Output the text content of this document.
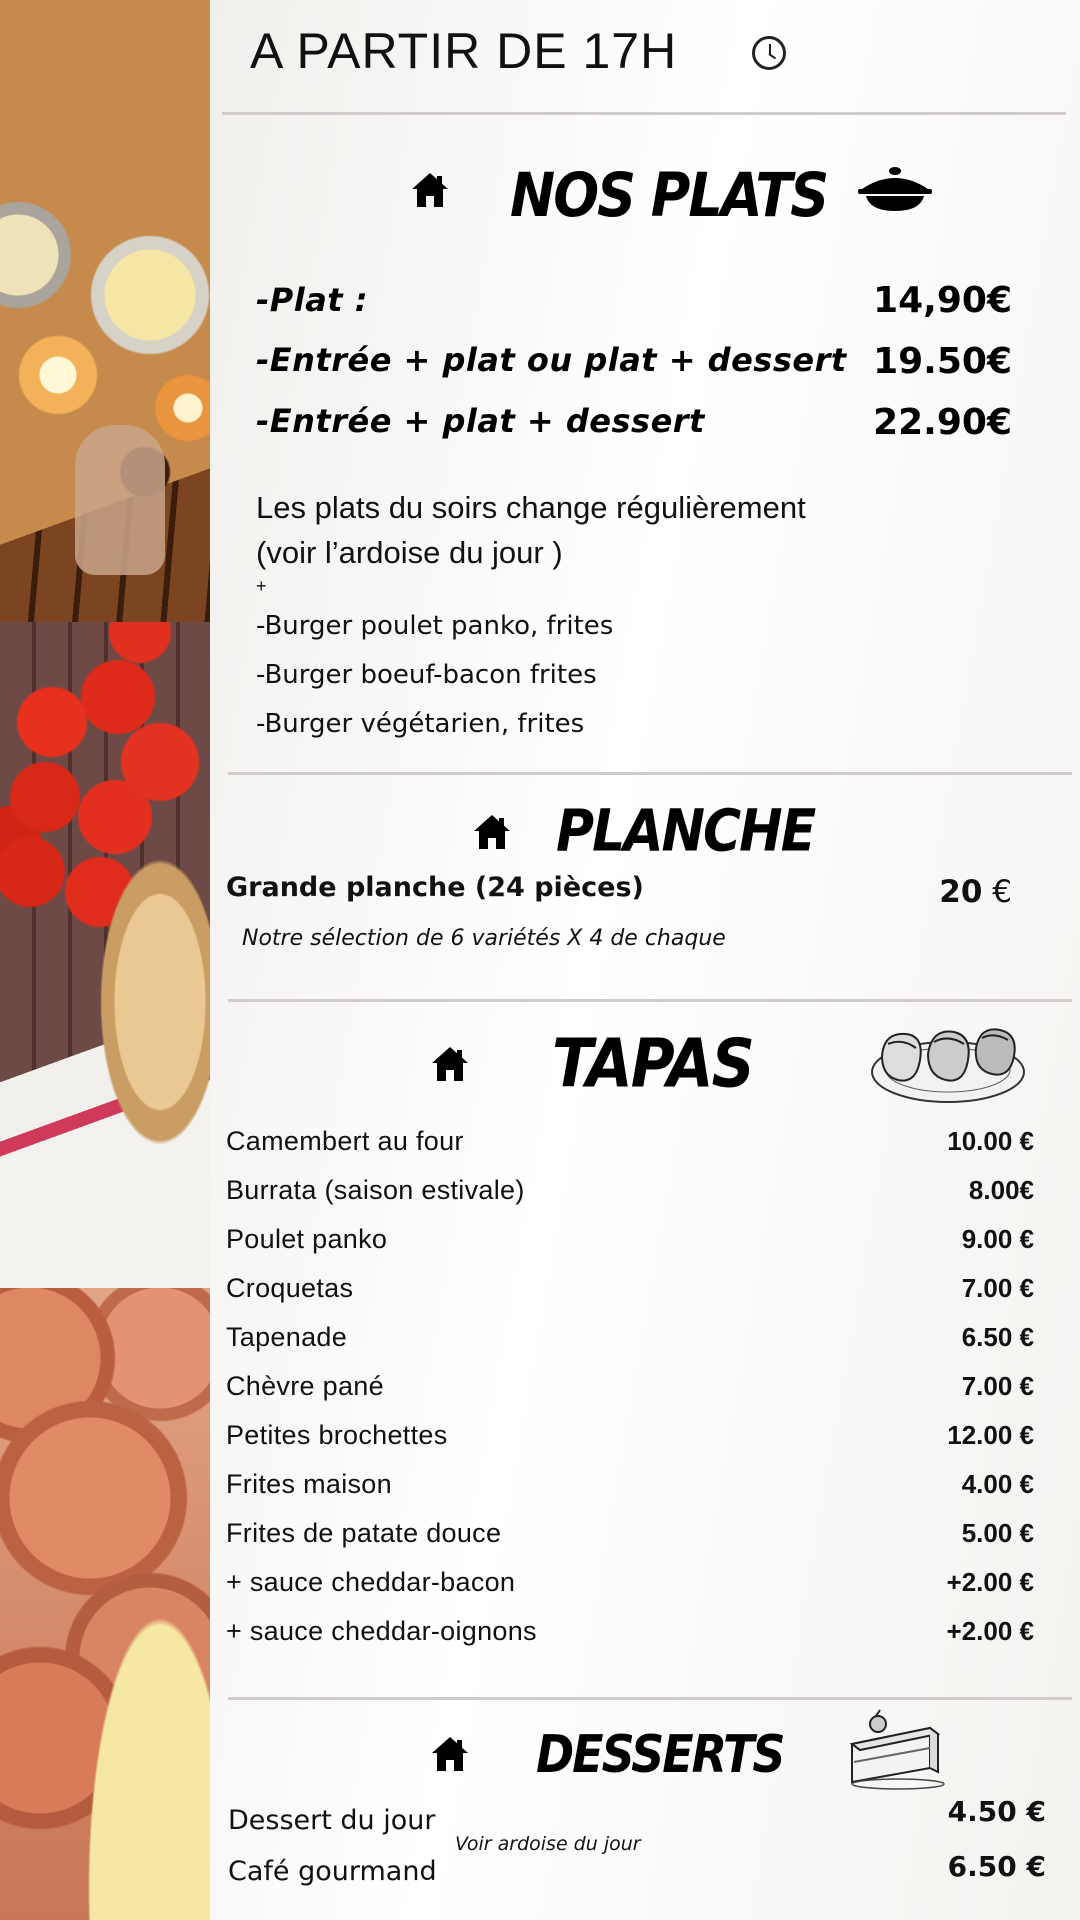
A PARTIR DE 17H
NOS PLATS
-Plat :	14,90€
-Entrée + plat ou plat + dessert 19.50€
-Entrée + plat + dessert	22.90€
Les plats du soirs change régulièrement
(voir l’ardoise du jour )
+
-Burger poulet panko, frites
-Burger boeuf-bacon frites
-Burger végétarien, frites
PLANCHE
Grande planche (24 pièces)	20 €
Notre sélection de 6 variétés X 4 de chaque
TAPAS
Camembert au four	10.00 €
Burrata (saison estivale)	8.00€
Poulet panko	9.00 €
Croquetas	7.00 €
Tapenade	6.50 €
Chèvre pané	7.00 €
Petites brochettes	12.00 €
Frites maison	4.00 €
Frites de patate douce	5.00 €
+ sauce cheddar-bacon	+2.00 €
+ sauce cheddar-oignons	+2.00 €
DESSERTS
Dessert du jour	4.50 €
Café gourmand	6.50 €
Voir ardoise du jour
